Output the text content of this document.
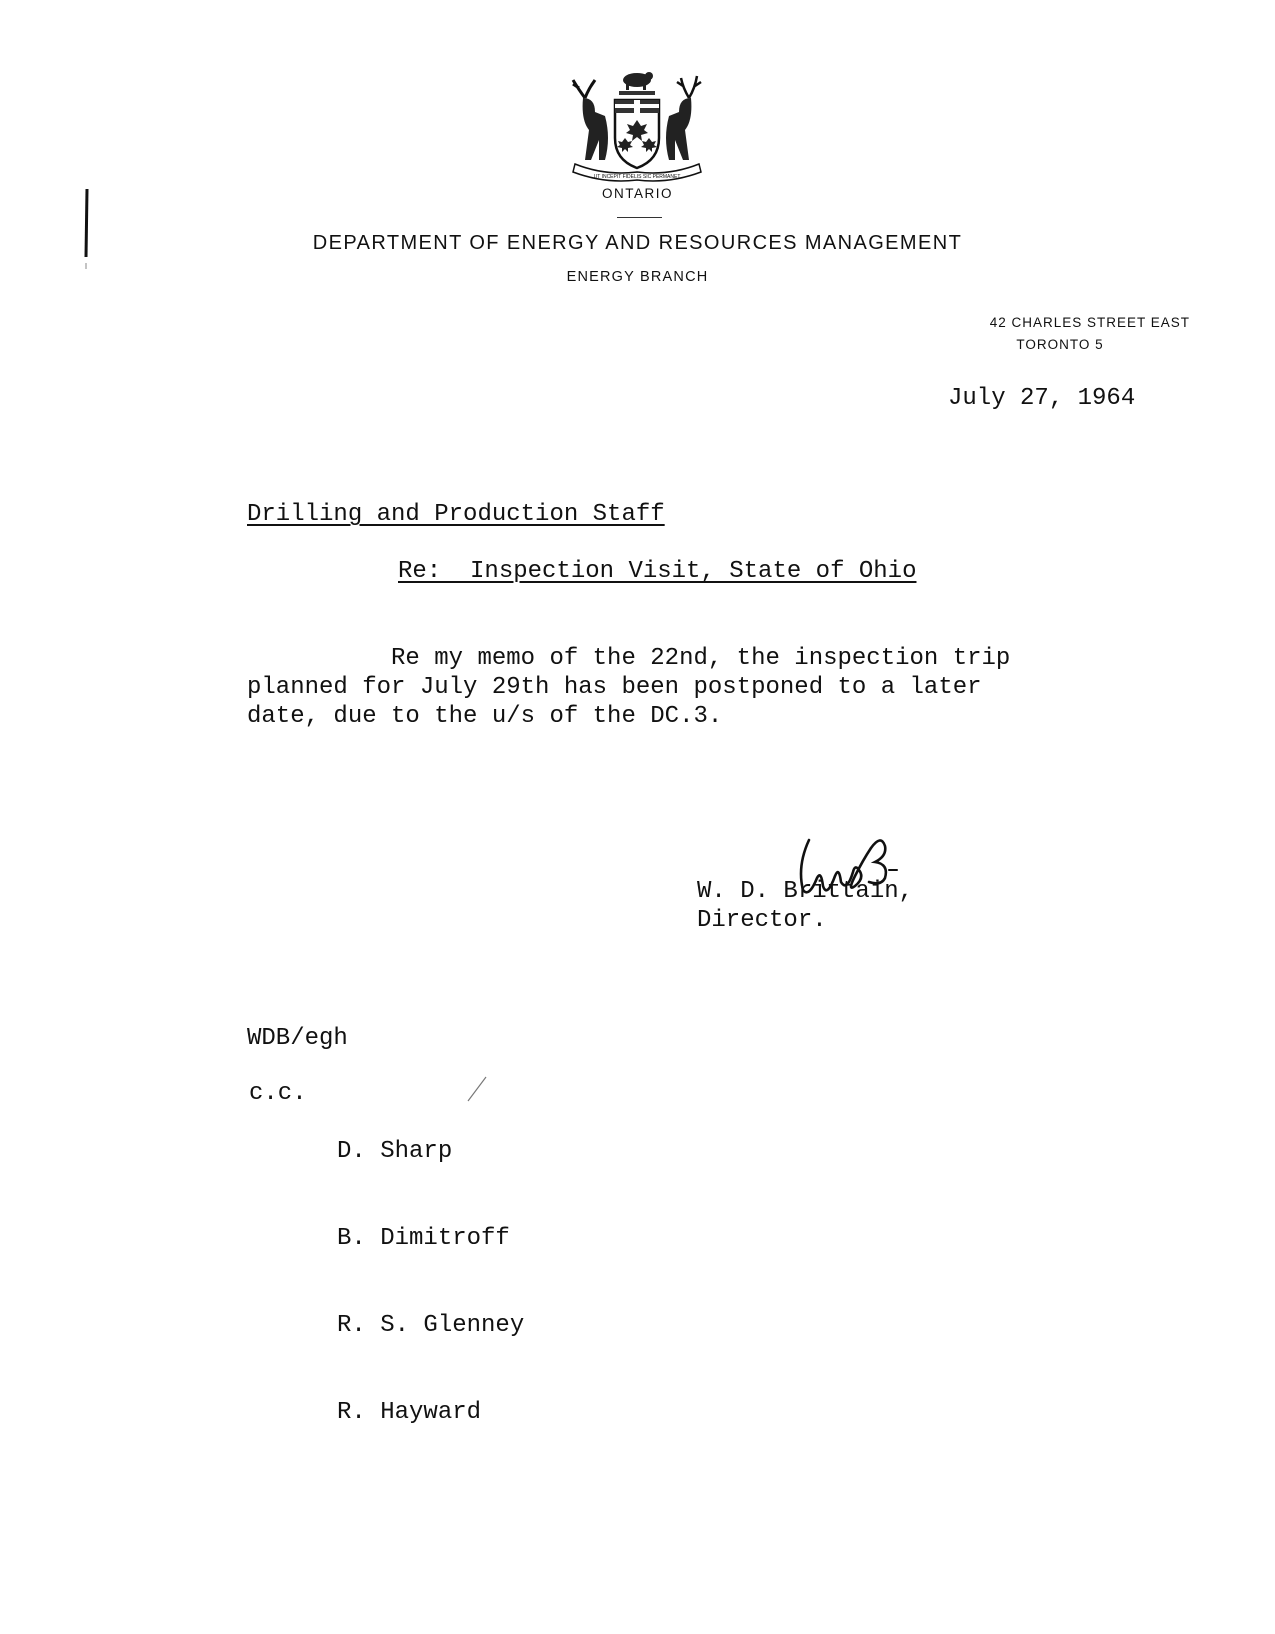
UT INCEPIT FIDELIS SIC PERMANET
ONTARIO
DEPARTMENT OF ENERGY AND RESOURCES MANAGEMENT
ENERGY BRANCH
42 CHARLES STREET EAST
TORONTO 5
July 27, 1964
Drilling and Production Staff
Re:  Inspection Visit, State of Ohio
Re my memo of the 22nd, the inspection trip
planned for July 29th has been postponed to a later
date, due to the u/s of the DC.3.
W. D. Brittain,
Director.
WDB/egh
c.c.

D. Sharp

B. Dimitroff

R. S. Glenney

R. Hayward
